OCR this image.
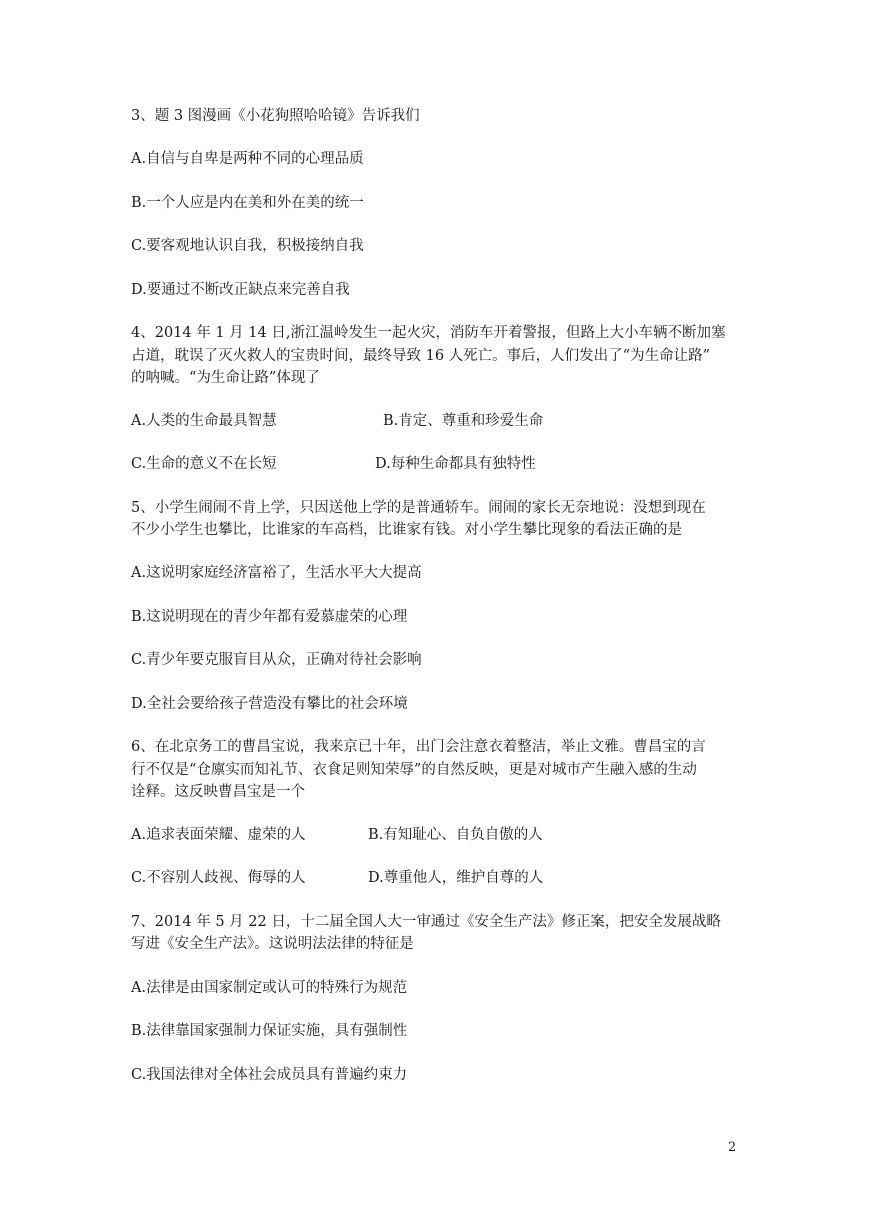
3、题 3 图漫画《小花狗照哈哈镜》告诉我们
A.自信与自卑是两种不同的心理品质
B.一个人应是内在美和外在美的统一
C.要客观地认识自我，积极接纳自我
D.要通过不断改正缺点来完善自我
4、2014 年 1 月 14 日,浙江温岭发生一起火灾，消防车开着警报，但路上大小车辆不断加塞
占道，耽误了灭火救人的宝贵时间，最终导致 16 人死亡。事后，人们发出了“为生命让路”
的呐喊。“为生命让路”体现了
A.人类的生命最具智慧	B.肯定、尊重和珍爱生命
C.生命的意义不在长短	D.每种生命都具有独特性
5、小学生闹闹不肯上学，只因送他上学的是普通轿车。闹闹的家长无奈地说：没想到现在
不少小学生也攀比，比谁家的车高档，比谁家有钱。对小学生攀比现象的看法正确的是
A.这说明家庭经济富裕了，生活水平大大提高
B.这说明现在的青少年都有爱慕虚荣的心理
C.青少年要克服盲目从众，正确对待社会影响
D.全社会要给孩子营造没有攀比的社会环境
6、在北京务工的曹昌宝说，我来京已十年，出门会注意衣着整洁，举止文雅。曹昌宝的言
行不仅是“仓廪实而知礼节、衣食足则知荣辱”的自然反映，更是对城市产生融入感的生动
诠释。这反映曹昌宝是一个
A.追求表面荣耀、虚荣的人	B.有知耻心、自负自傲的人
C.不容别人歧视、侮辱的人	D.尊重他人，维护自尊的人
7、2014 年 5 月 22 日，十二届全国人大一审通过《安全生产法》修正案，把安全发展战略
写进《安全生产法》。这说明法法律的特征是
A.法律是由国家制定或认可的特殊行为规范
B.法律靠国家强制力保证实施，具有强制性
C.我国法律对全体社会成员具有普遍约束力
2
